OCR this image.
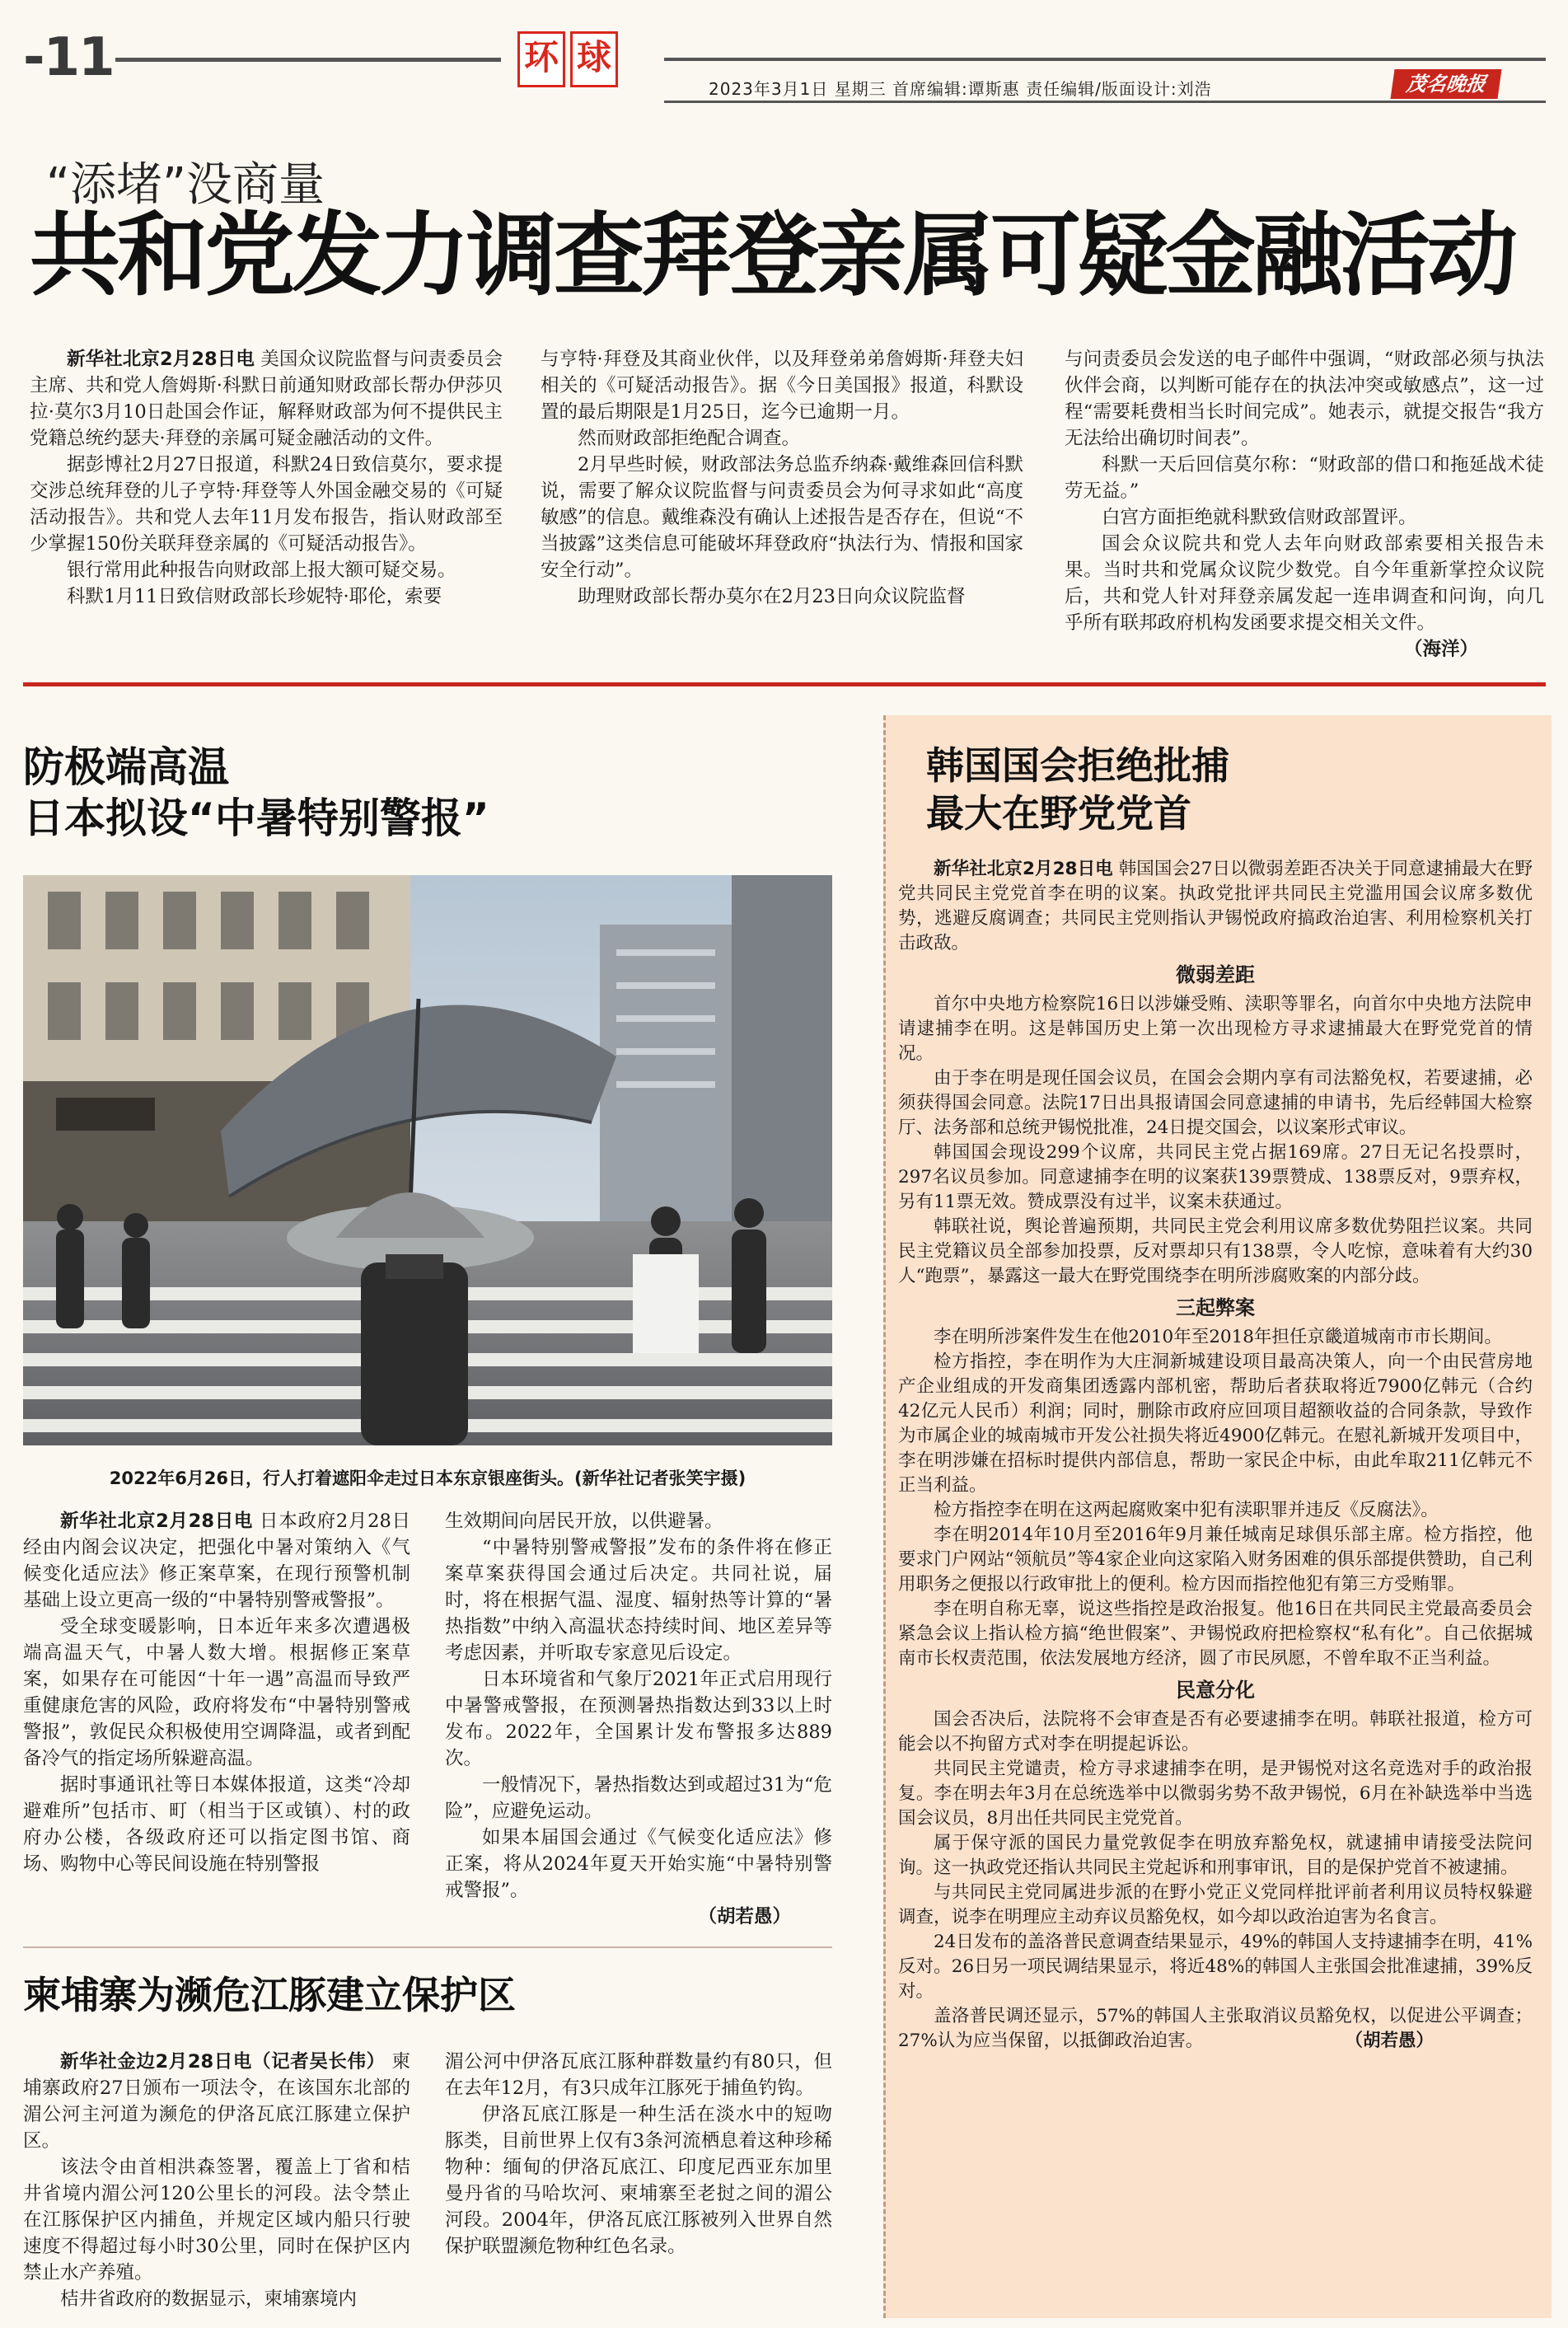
-11	环 球
2023年3月1日 星期三 首席编辑:谭斯惠 责任编辑/版面设计:刘浩	茂名晚报
“添堵”没商量
共和党发力调查拜登亲属可疑金融活动

新华社北京2月28日电 美国众议院监督与问责委员会主席、共和党人詹姆斯·科默日前通知财政部长帮办伊莎贝拉·莫尔3月10日赴国会作证，解释财政部为何不提供民主党籍总统约瑟夫·拜登的亲属可疑金融活动的文件。

据彭博社2月27日报道，科默24日致信莫尔，要求提交涉总统拜登的儿子亨特·拜登等人外国金融交易的《可疑活动报告》。共和党人去年11月发布报告，指认财政部至少掌握150份关联拜登亲属的《可疑活动报告》。

银行常用此种报告向财政部上报大额可疑交易。

科默1月11日致信财政部长珍妮特·耶伦，索要

与亨特·拜登及其商业伙伴，以及拜登弟弟詹姆斯·拜登夫妇相关的《可疑活动报告》。据《今日美国报》报道，科默设置的最后期限是1月25日，迄今已逾期一月。

然而财政部拒绝配合调查。

2月早些时候，财政部法务总监乔纳森·戴维森回信科默说，需要了解众议院监督与问责委员会为何寻求如此“高度敏感”的信息。戴维森没有确认上述报告是否存在，但说“不当披露”这类信息可能破坏拜登政府“执法行为、情报和国家安全行动”。

助理财政部长帮办莫尔在2月23日向众议院监督

与问责委员会发送的电子邮件中强调，“财政部必须与执法伙伴会商，以判断可能存在的执法冲突或敏感点”，这一过程“需要耗费相当长时间完成”。她表示，就提交报告“我方无法给出确切时间表”。

科默一天后回信莫尔称：“财政部的借口和拖延战术徒劳无益。”

白宫方面拒绝就科默致信财政部置评。

国会众议院共和党人去年向财政部索要相关报告未果。当时共和党属众议院少数党。自今年重新掌控众议院后，共和党人针对拜登亲属发起一连串调查和问询，向几乎所有联邦政府机构发函要求提交相关文件。

（海洋）
防极端高温
日本拟设“中暑特别警报”
2022年6月26日，行人打着遮阳伞走过日本东京银座街头。(新华社记者张笑宇摄)

新华社北京2月28日电 日本政府2月28日经由内阁会议决定，把强化中暑对策纳入《气候变化适应法》修正案草案，在现行预警机制基础上设立更高一级的“中暑特别警戒警报”。

受全球变暖影响，日本近年来多次遭遇极端高温天气，中暑人数大增。根据修正案草案，如果存在可能因“十年一遇”高温而导致严重健康危害的风险，政府将发布“中暑特别警戒警报”，敦促民众积极使用空调降温，或者到配备冷气的指定场所躲避高温。

据时事通讯社等日本媒体报道，这类“冷却避难所”包括市、町（相当于区或镇）、村的政府办公楼，各级政府还可以指定图书馆、商场、购物中心等民间设施在特别警报

生效期间向居民开放，以供避暑。

“中暑特别警戒警报”发布的条件将在修正案草案获得国会通过后决定。共同社说，届时，将在根据气温、湿度、辐射热等计算的“暑热指数”中纳入高温状态持续时间、地区差异等考虑因素，并听取专家意见后设定。

日本环境省和气象厅2021年正式启用现行中暑警戒警报，在预测暑热指数达到33以上时发布。2022年，全国累计发布警报多达889次。

一般情况下，暑热指数达到或超过31为“危险”，应避免运动。

如果本届国会通过《气候变化适应法》修正案，将从2024年夏天开始实施“中暑特别警戒警报”。

（胡若愚）
柬埔寨为濒危江豚建立保护区

新华社金边2月28日电（记者吴长伟） 柬埔寨政府27日颁布一项法令，在该国东北部的湄公河主河道为濒危的伊洛瓦底江豚建立保护区。

该法令由首相洪森签署，覆盖上丁省和桔井省境内湄公河120公里长的河段。法令禁止在江豚保护区内捕鱼，并规定区域内船只行驶速度不得超过每小时30公里，同时在保护区内禁止水产养殖。

桔井省政府的数据显示，柬埔寨境内

湄公河中伊洛瓦底江豚种群数量约有80只，但在去年12月，有3只成年江豚死于捕鱼钓钩。

伊洛瓦底江豚是一种生活在淡水中的短吻豚类，目前世界上仅有3条河流栖息着这种珍稀物种：缅甸的伊洛瓦底江、印度尼西亚东加里曼丹省的马哈坎河、柬埔寨至老挝之间的湄公河段。2004年，伊洛瓦底江豚被列入世界自然保护联盟濒危物种红色名录。

韩国国会拒绝批捕
最大在野党党首

新华社北京2月28日电 韩国国会27日以微弱差距否决关于同意逮捕最大在野党共同民主党党首李在明的议案。执政党批评共同民主党滥用国会议席多数优势，逃避反腐调查；共同民主党则指认尹锡悦政府搞政治迫害、利用检察机关打击政敌。

微弱差距

首尔中央地方检察院16日以涉嫌受贿、渎职等罪名，向首尔中央地方法院申请逮捕李在明。这是韩国历史上第一次出现检方寻求逮捕最大在野党党首的情况。

由于李在明是现任国会议员，在国会会期内享有司法豁免权，若要逮捕，必须获得国会同意。法院17日出具报请国会同意逮捕的申请书，先后经韩国大检察厅、法务部和总统尹锡悦批准，24日提交国会，以议案形式审议。

韩国国会现设299个议席，共同民主党占据169席。27日无记名投票时，297名议员参加。同意逮捕李在明的议案获139票赞成、138票反对，9票弃权，另有11票无效。赞成票没有过半，议案未获通过。

韩联社说，舆论普遍预期，共同民主党会利用议席多数优势阻拦议案。共同民主党籍议员全部参加投票，反对票却只有138票，令人吃惊，意味着有大约30人“跑票”，暴露这一最大在野党围绕李在明所涉腐败案的内部分歧。

三起弊案

李在明所涉案件发生在他2010年至2018年担任京畿道城南市市长期间。

检方指控，李在明作为大庄洞新城建设项目最高决策人，向一个由民营房地产企业组成的开发商集团透露内部机密，帮助后者获取将近7900亿韩元（合约42亿元人民币）利润；同时，删除市政府应回项目超额收益的合同条款，导致作为市属企业的城南城市开发公社损失将近4900亿韩元。在慰礼新城开发项目中，李在明涉嫌在招标时提供内部信息，帮助一家民企中标，由此牟取211亿韩元不正当利益。

检方指控李在明在这两起腐败案中犯有渎职罪并违反《反腐法》。

李在明2014年10月至2016年9月兼任城南足球俱乐部主席。检方指控，他要求门户网站“领航员”等4家企业向这家陷入财务困难的俱乐部提供赞助，自己利用职务之便报以行政审批上的便利。检方因而指控他犯有第三方受贿罪。

李在明自称无辜，说这些指控是政治报复。他16日在共同民主党最高委员会紧急会议上指认检方搞“绝世假案”、尹锡悦政府把检察权“私有化”。自己依据城南市长权责范围，依法发展地方经济，圆了市民夙愿，不曾牟取不正当利益。

民意分化

国会否决后，法院将不会审查是否有必要逮捕李在明。韩联社报道，检方可能会以不拘留方式对李在明提起诉讼。

共同民主党谴责，检方寻求逮捕李在明，是尹锡悦对这名竞选对手的政治报复。李在明去年3月在总统选举中以微弱劣势不敌尹锡悦，6月在补缺选举中当选国会议员，8月出任共同民主党党首。

属于保守派的国民力量党敦促李在明放弃豁免权，就逮捕申请接受法院问询。这一执政党还指认共同民主党起诉和刑事审讯，目的是保护党首不被逮捕。

与共同民主党同属进步派的在野小党正义党同样批评前者利用议员特权躲避调查，说李在明理应主动弃议员豁免权，如今却以政治迫害为名食言。

24日发布的盖洛普民意调查结果显示，49%的韩国人支持逮捕李在明，41%反对。26日另一项民调结果显示，将近48%的韩国人主张国会批准逮捕，39%反对。

盖洛普民调还显示，57%的韩国人主张取消议员豁免权，以促进公平调查；27%认为应当保留，以抵御政治迫害。	（胡若愚）
